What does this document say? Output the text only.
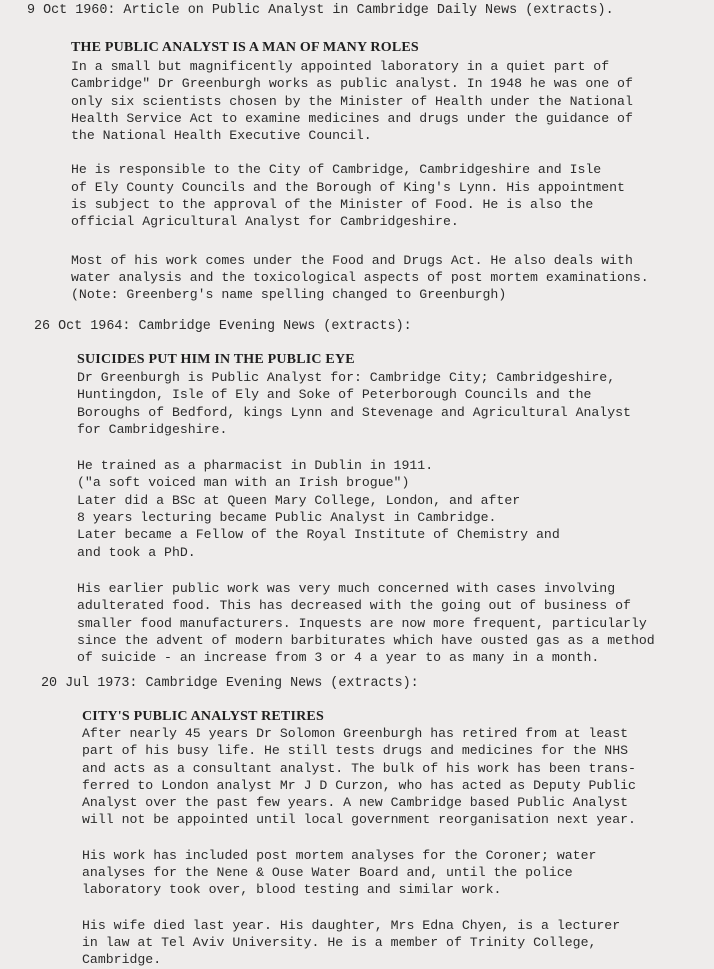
9 Oct 1960: Article on Public Analyst in Cambridge Daily News (extracts).

THE PUBLIC ANALYST IS A MAN OF MANY ROLES

In a small but magnificently appointed laboratory in a quiet part of
Cambridge" Dr Greenburgh works as public analyst. In 1948 he was one of
only six scientists chosen by the Minister of Health under the National
Health Service Act to examine medicines and drugs under the guidance of
the National Health Executive Council.
He is responsible to the City of Cambridge, Cambridgeshire and Isle
of Ely County Councils and the Borough of King's Lynn. His appointment
is subject to the approval of the Minister of Food. He is also the
official Agricultural Analyst for Cambridgeshire.
Most of his work comes under the Food and Drugs Act. He also deals with
water analysis and the toxicological aspects of post mortem examinations.
(Note: Greenberg's name spelling changed to Greenburgh)

26 Oct 1964: Cambridge Evening News (extracts):

SUICIDES PUT HIM IN THE PUBLIC EYE

Dr Greenburgh is Public Analyst for: Cambridge City; Cambridgeshire,
Huntingdon, Isle of Ely and Soke of Peterborough Councils and the
Boroughs of Bedford, kings Lynn and Stevenage and Agricultural Analyst
for Cambridgeshire.
He trained as a pharmacist in Dublin in 1911.
("a soft voiced man with an Irish brogue")
Later did a BSc at Queen Mary College, London, and after
8 years lecturing became Public Analyst in Cambridge.
Later became a Fellow of the Royal Institute of Chemistry and
and took a PhD.
His earlier public work was very much concerned with cases involving
adulterated food. This has decreased with the going out of business of
smaller food manufacturers. Inquests are now more frequent, particularly
since the advent of modern barbiturates which have ousted gas as a method
of suicide - an increase from 3 or 4 a year to as many in a month.

20 Jul 1973: Cambridge Evening News (extracts):

CITY'S PUBLIC ANALYST RETIRES

After nearly 45 years Dr Solomon Greenburgh has retired from at least
part of his busy life. He still tests drugs and medicines for the NHS
and acts as a consultant analyst. The bulk of his work has been trans-
ferred to London analyst Mr J D Curzon, who has acted as Deputy Public
Analyst over the past few years. A new Cambridge based Public Analyst
will not be appointed until local government reorganisation next year.
His work has included post mortem analyses for the Coroner; water
analyses for the Nene & Ouse Water Board and, until the police
laboratory took over, blood testing and similar work.
His wife died last year. His daughter, Mrs Edna Chyen, is a lecturer
in law at Tel Aviv University. He is a member of Trinity College,
Cambridge.
